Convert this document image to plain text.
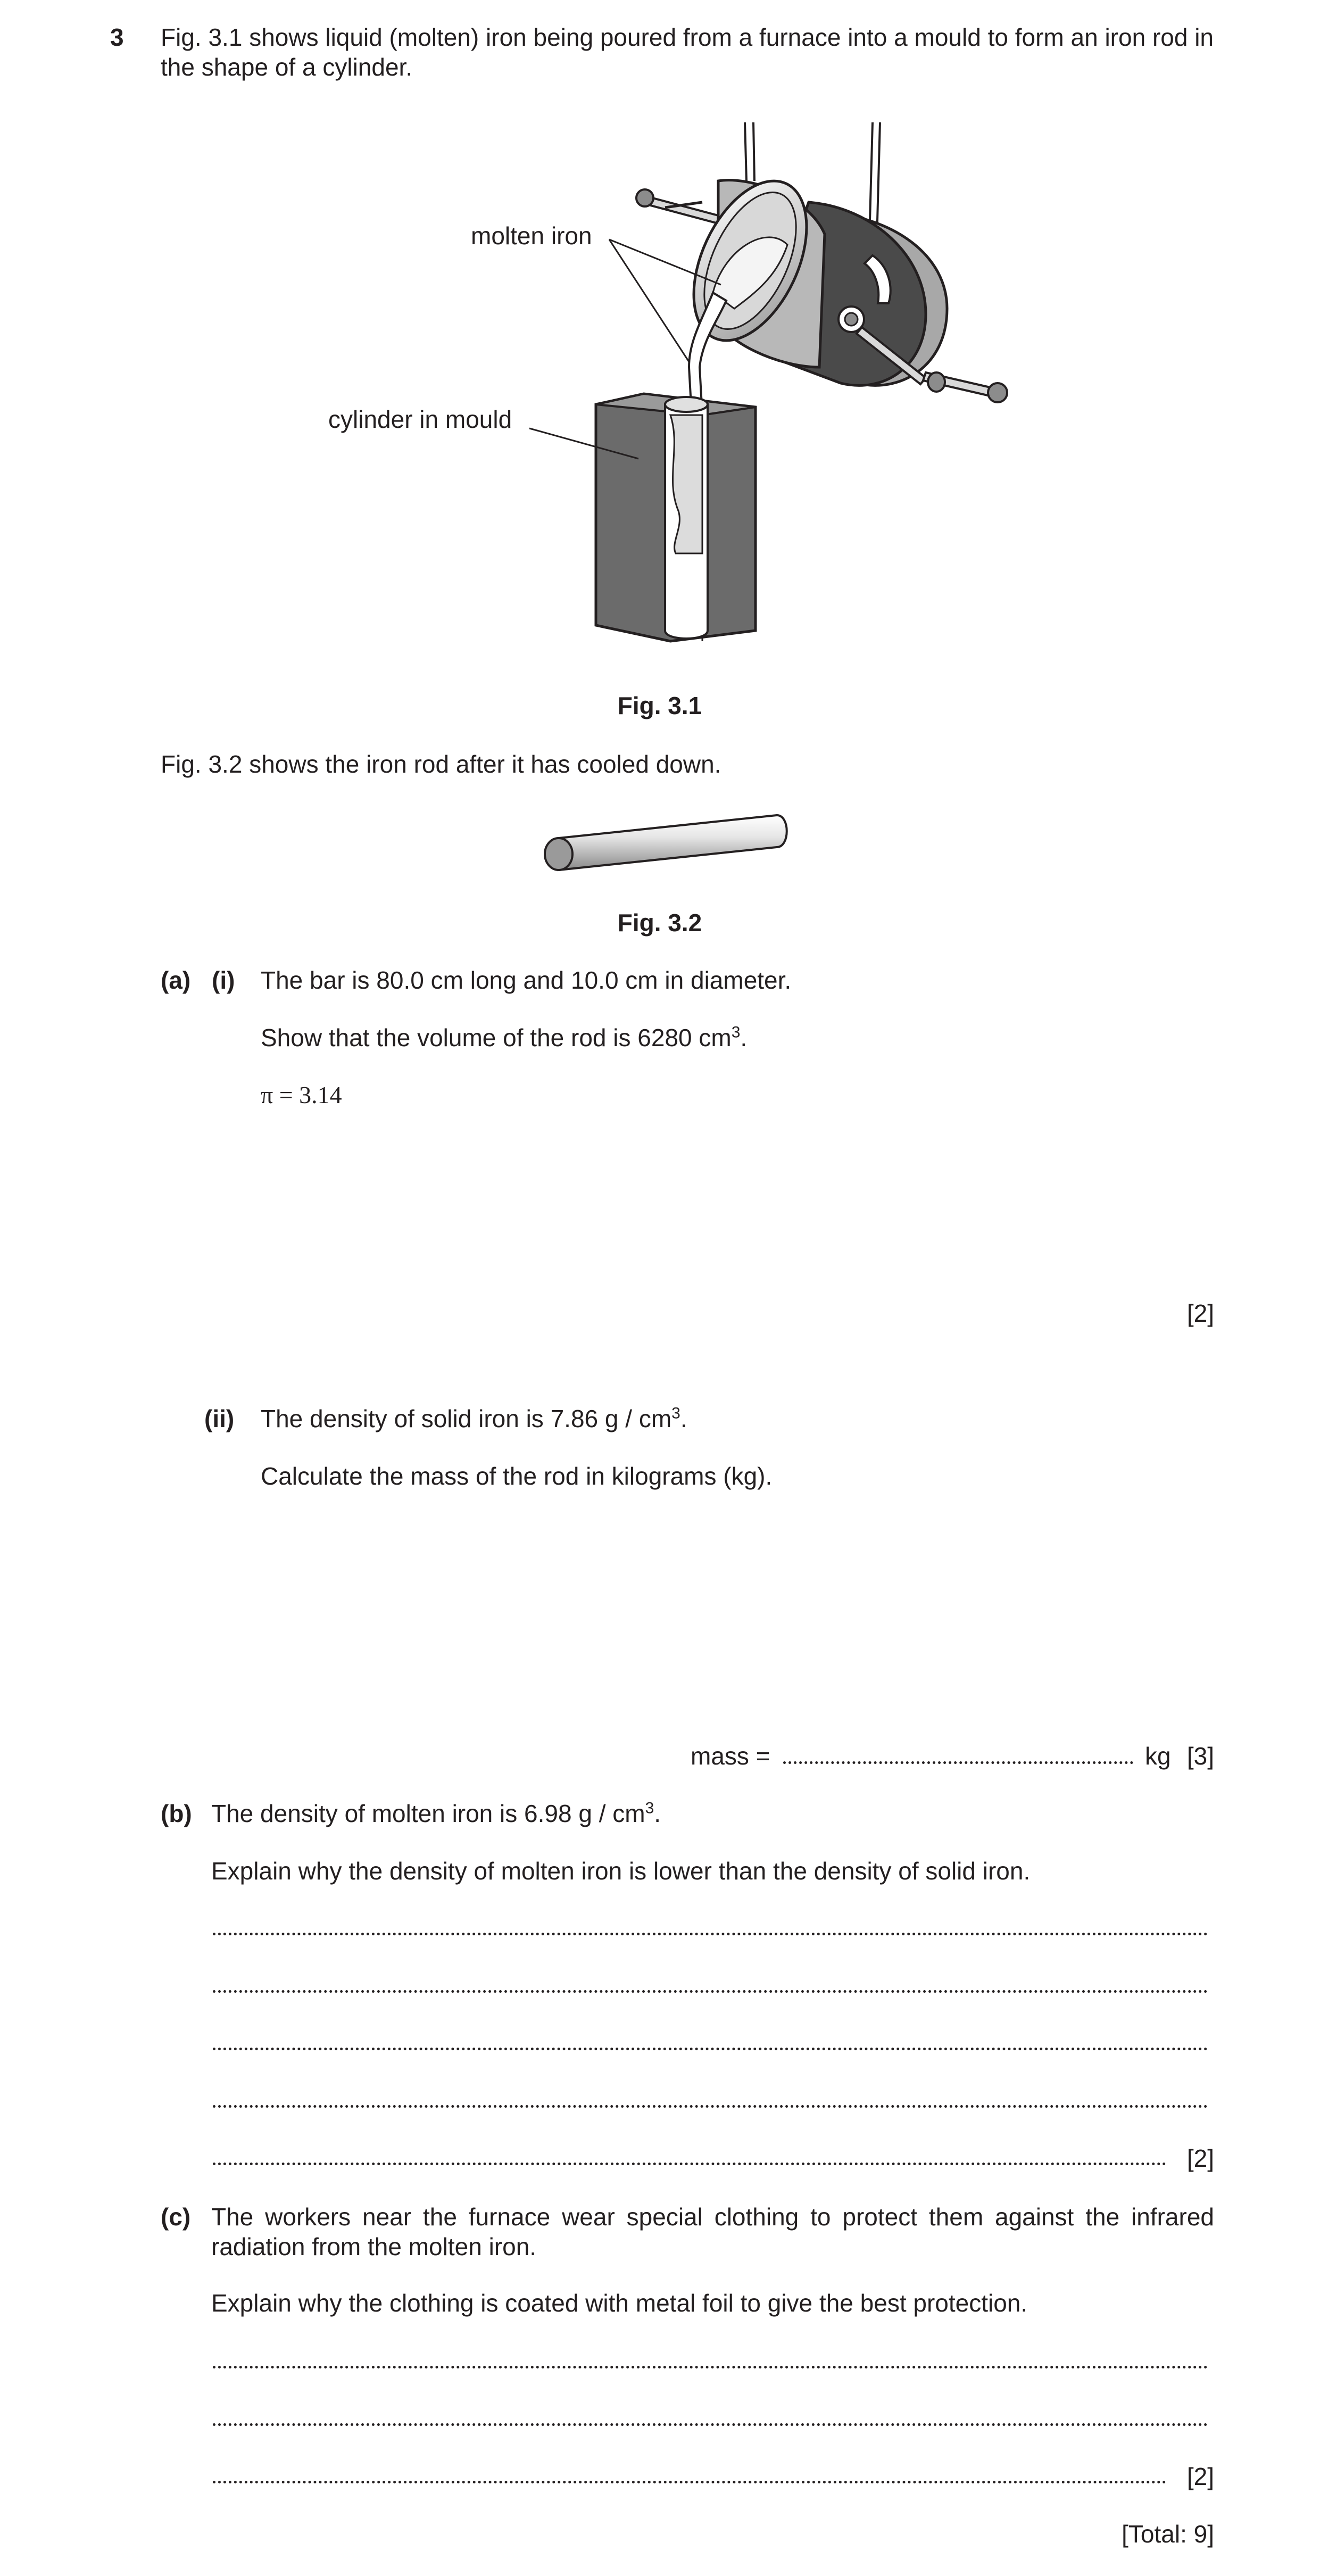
3 Fig. 3.1 shows liquid (molten) iron being poured from a furnace into a mould to form an iron rod in the shape of a cylinder.
molten iron
cylinder in mould
Fig. 3.1
Fig. 3.2 shows the iron rod after it has cooled down.
Fig. 3.2
(a) (i) The bar is 80.0 cm long and 10.0 cm in diameter.
Show that the volume of the rod is 6280 $cm^3$.
π = 3.14
[2]
(ii) The density of solid iron is 7.86 g / $cm^3$.
Calculate the mass of the rod in kilograms (kg).
mass =	kg [3]
(b) The density of molten iron is 6.98 g / $cm^3$.
Explain why the density of molten iron is lower than the density of solid iron.
[2]
(c) The workers near the furnace wear special clothing to protect them against the infrared radiation from the molten iron.
Explain why the clothing is coated with metal foil to give the best protection.
[2]
[Total: 9]
